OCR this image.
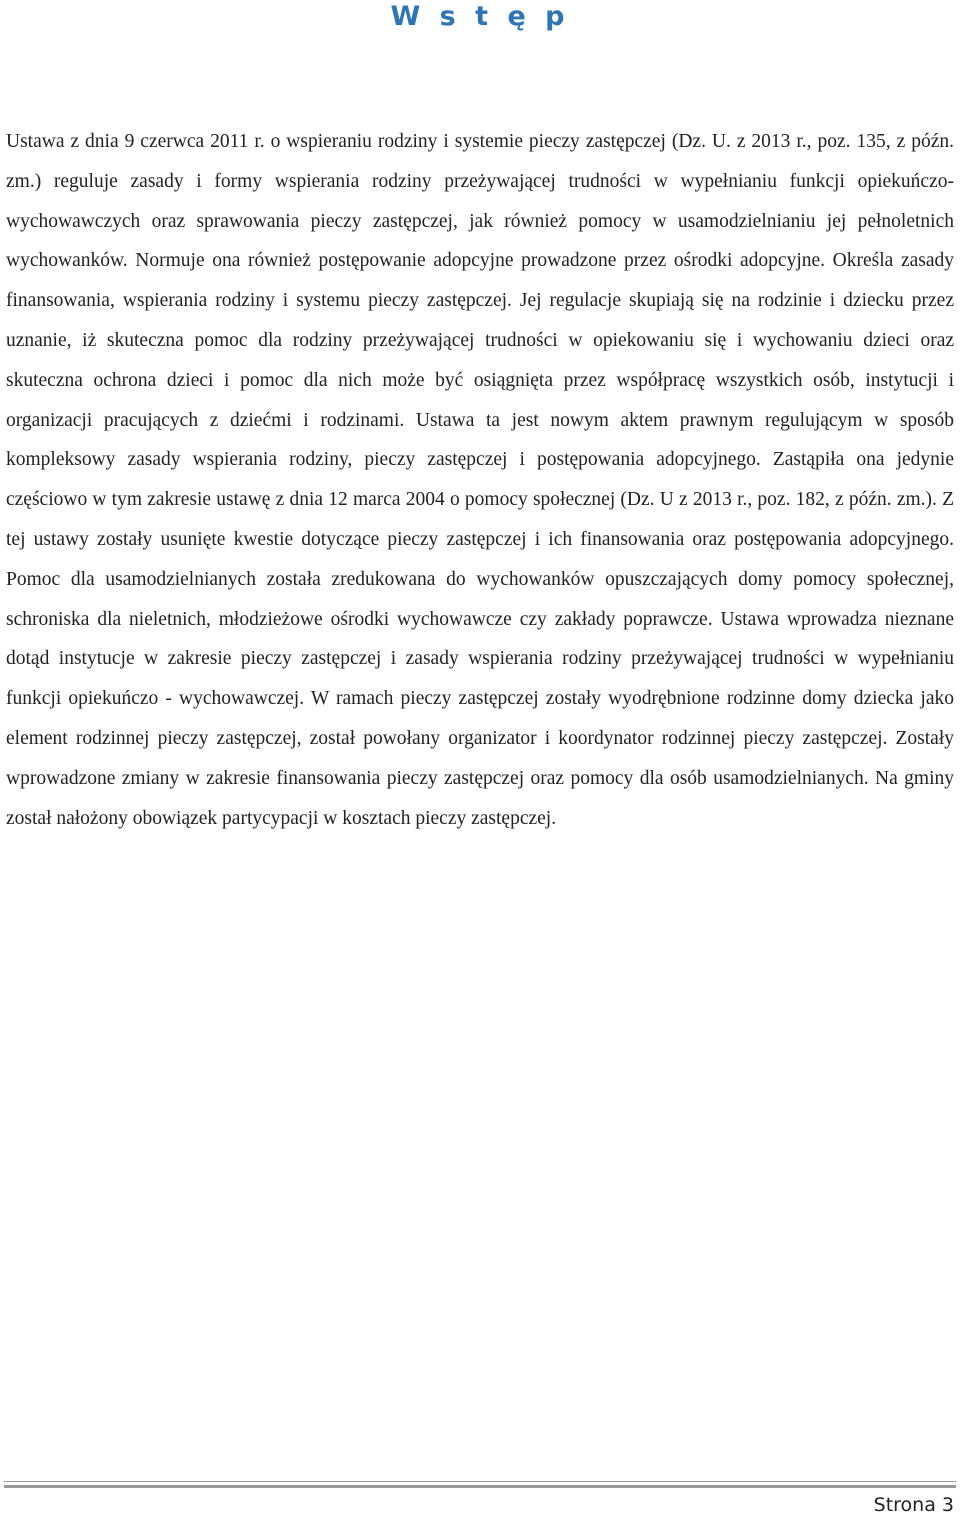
W s t ę p

Ustawa z dnia 9 czerwca 2011 r. o wspieraniu rodziny i systemie pieczy zastępczej (Dz. U. z 2013 r., poz. 135, z późn. zm.) reguluje zasady i formy wspierania rodziny przeżywającej trudności w wypełnianiu funkcji opiekuńczo-wychowawczych oraz sprawowania pieczy zastępczej, jak również pomocy w usamodzielnianiu jej pełnoletnich wychowanków. Normuje ona również postępowanie adopcyjne prowadzone przez ośrodki adopcyjne. Określa zasady finansowania, wspierania rodziny i systemu pieczy zastępczej. Jej regulacje skupiają się na rodzinie i dziecku przez uznanie, iż skuteczna pomoc dla rodziny przeżywającej trudności w opiekowaniu się i wychowaniu dzieci oraz skuteczna ochrona dzieci i pomoc dla nich może być osiągnięta przez współpracę wszystkich osób, instytucji i organizacji pracujących z dziećmi i rodzinami. Ustawa ta jest nowym aktem prawnym regulującym w sposób kompleksowy zasady wspierania rodziny, pieczy zastępczej i postępowania adopcyjnego. Zastąpiła ona jedynie częściowo w tym zakresie ustawę z dnia 12 marca 2004 o pomocy społecznej (Dz. U z 2013 r., poz. 182, z późn. zm.). Z tej ustawy zostały usunięte kwestie dotyczące pieczy zastępczej i ich finansowania oraz postępowania adopcyjnego. Pomoc dla usamodzielnianych została zredukowana do wychowanków opuszczających domy pomocy społecznej, schroniska dla nieletnich, młodzieżowe ośrodki wychowawcze czy zakłady poprawcze. Ustawa wprowadza nieznane dotąd instytucje w zakresie pieczy zastępczej i zasady wspierania rodziny przeżywającej trudności w wypełnianiu funkcji opiekuńczo - wychowawczej. W ramach pieczy zastępczej zostały wyodrębnione rodzinne domy dziecka jako element rodzinnej pieczy zastępczej, został powołany organizator i koordynator rodzinnej pieczy zastępczej. Zostały wprowadzone zmiany w zakresie finansowania pieczy zastępczej oraz pomocy dla osób usamodzielnianych. Na gminy został nałożony obowiązek partycypacji w kosztach pieczy zastępczej.

Strona 3
